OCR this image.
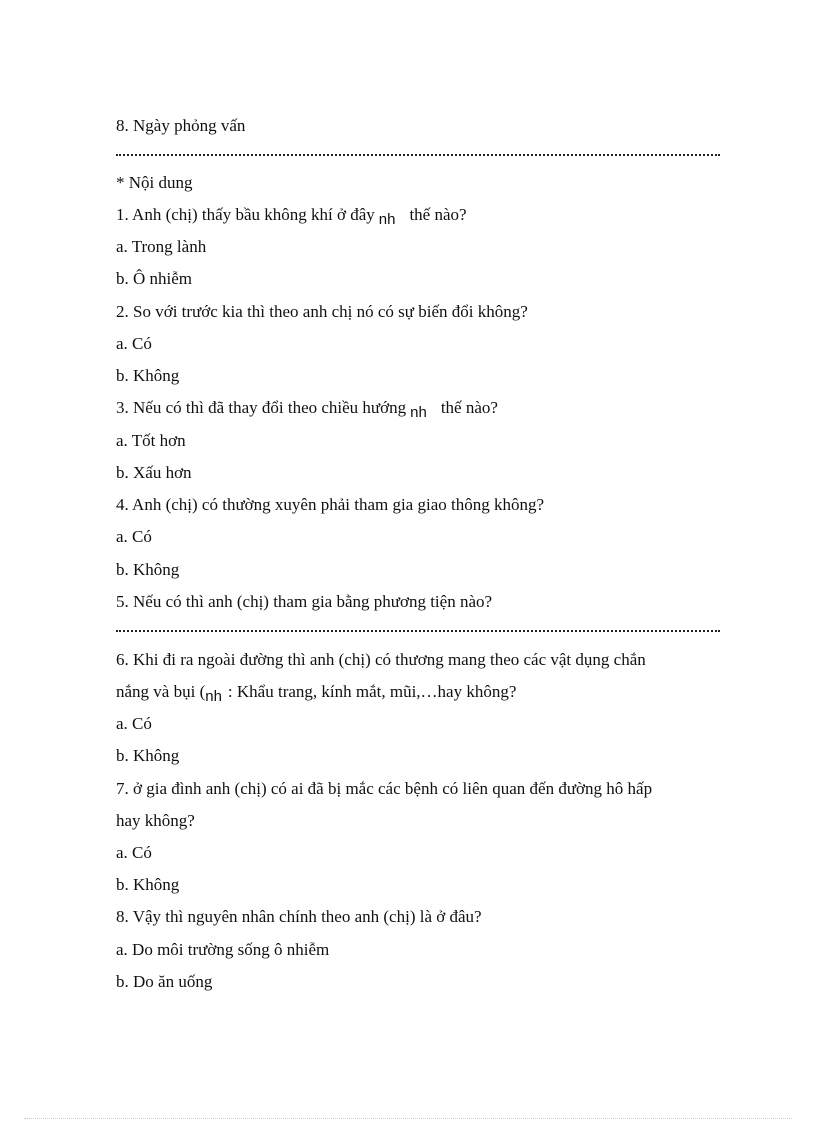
8. Ngày phỏng vấn
* Nội dung
1. Anh (chị) thấy bầu không khí ở đây nh thế nào?
a. Trong lành
b. Ô nhiễm
2. So với trước kia thì theo anh chị nó có sự biến đổi không?
a. Có
b. Không
3. Nếu có thì đã thay đổi theo chiều hướng nh thế nào?
a. Tốt hơn
b. Xấu hơn
4. Anh (chị) có thường xuyên phải tham gia giao thông không?
a. Có
b. Không
5. Nếu có thì anh (chị) tham gia bằng phương tiện nào?
6. Khi đi ra ngoài đường thì anh (chị) có thương mang theo các vật dụng chắn
nắng và bụi (nh : Khẩu trang, kính mắt, mũi,…hay không?
a. Có
b. Không
7. ở gia đình anh (chị) có ai đã bị mắc các bệnh có liên quan đến đường hô hấp
hay không?
a. Có
b. Không
8. Vậy thì nguyên nhân chính theo anh (chị) là ở đâu?
a. Do môi trường sống ô nhiễm
b. Do ăn uống
